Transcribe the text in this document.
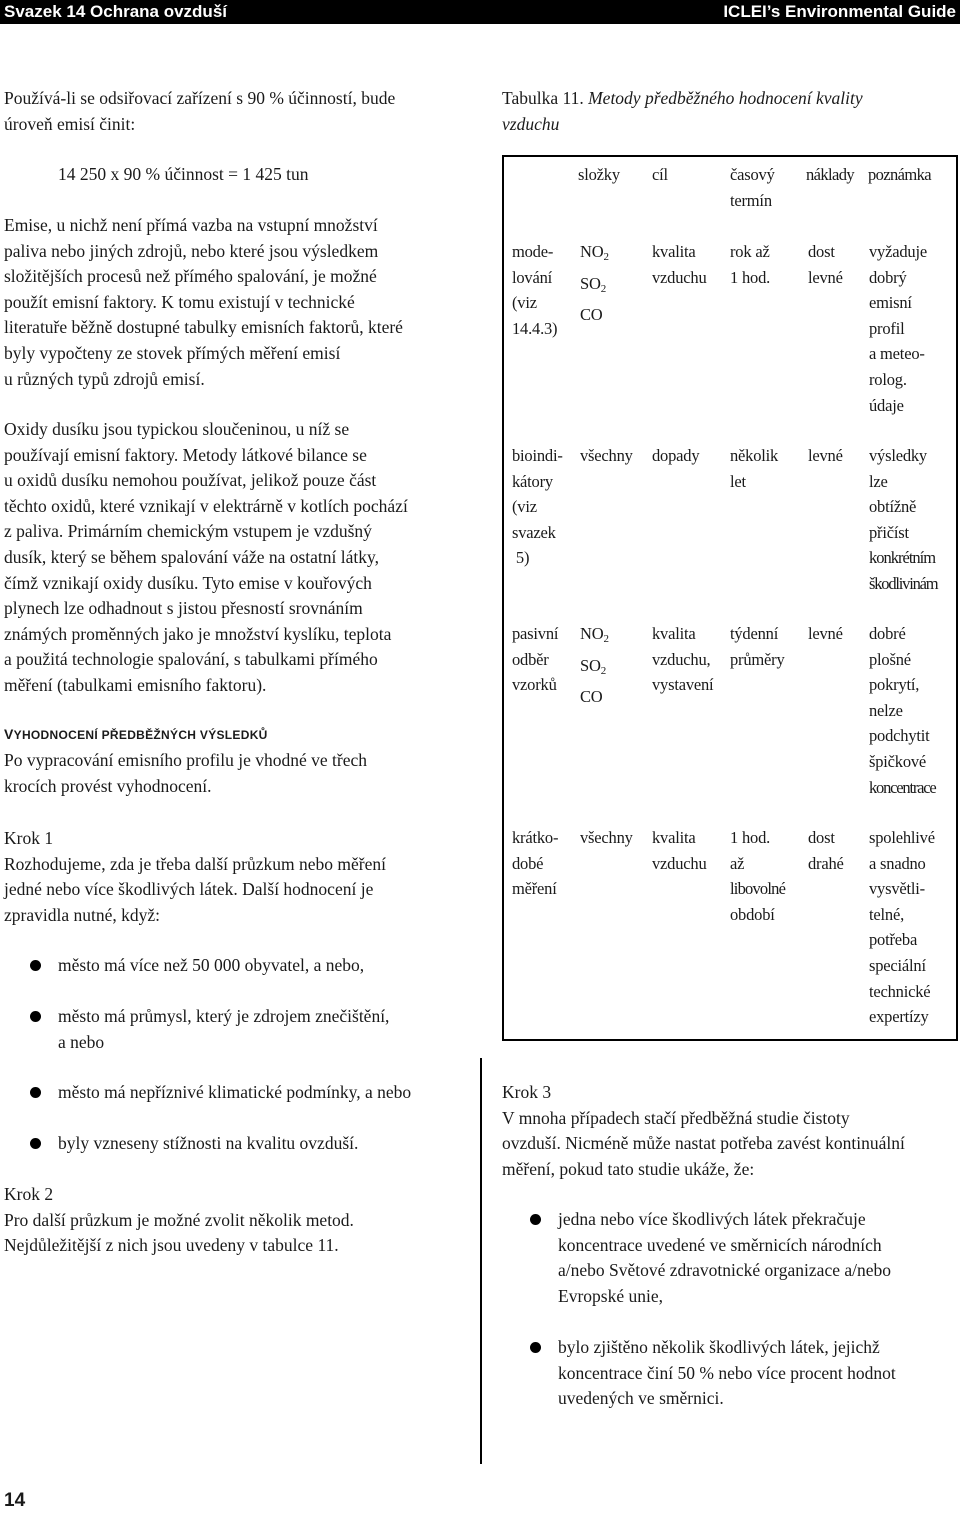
Svazek 14 Ochrana ovzduší	ICLEI’s Environmental Guide
Používá-li se odsiřovací zařízení s 90 % účinností, bude
úroveň emisí činit:
14 250 x 90 % účinnost = 1 425 tun
Emise, u nichž není přímá vazba na vstupní množství
paliva nebo jiných zdrojů, nebo které jsou výsledkem
složitějších procesů než přímého spalování, je možné
použít emisní faktory. K tomu existují v technické
literatuře běžně dostupné tabulky emisních faktorů, které
byly vypočteny ze stovek přímých měření emisí
u různých typů zdrojů emisí.
Oxidy dusíku jsou typickou sloučeninou, u níž se
používají emisní faktory. Metody látkové bilance se
u oxidů dusíku nemohou používat, jelikož pouze část
těchto oxidů, které vznikají v elektrárně v kotlích pochází
z paliva. Primárním chemickým vstupem je vzdušný
dusík, který se během spalování váže na ostatní látky,
čímž vznikají oxidy dusíku. Tyto emise v kouřových
plynech lze odhadnout s jistou přesností srovnáním
známých proměnných jako je množství kyslíku, teplota
a použitá technologie spalování, s tabulkami přímého
měření (tabulkami emisního faktoru).
VYHODNOCENÍ PŘEDBĚŽNÝCH VÝSLEDKŮ
Po vypracování emisního profilu je vhodné ve třech
krocích provést vyhodnocení.
Krok 1
Rozhodujeme, zda je třeba další průzkum nebo měření
jedné nebo více škodlivých látek. Další hodnocení je
zpravidla nutné, když:
město má více než 50 000 obyvatel, a nebo,
město má průmysl, který je zdrojem znečištění,
a nebo
město má nepříznivé klimatické podmínky, a nebo
byly vzneseny stížnosti na kvalitu ovzduší.
Krok 2
Pro další průzkum je možné zvolit několik metod.
Nejdůležitější z nich jsou uvedeny v tabulce 11.
Tabulka 11. Metody předběžného hodnocení kvality
vzduchu
složky cíl	časový
termín
náklady poznámka
mode-
lování
(viz
14.4.3)
$NO_2$
$SO_2$
CO
kvalita
vzduchu
rok až
1 hod.
dost
levné
vyžaduje
dobrý
emisní
profil
a meteo-
rolog.
údaje
bioindi-
kátory
(viz
svazek
5)
všechny dopady několik
let
levné výsledky
lze
obtížně
přičíst
konkrétním
škodlivinám
pasivní
odběr
vzorků
$NO_2$
$SO_2$
CO
kvalita
vzduchu,
vystavení
týdenní
průměry
levné dobré
plošné
pokrytí,
nelze
podchytit
špičkové
koncentrace
krátko-
dobé
měření
všechny kvalita
vzduchu
1 hod.
až
libovolné
období
dost
drahé
spolehlivé
a snadno
vysvětli-
telné,
potřeba
speciální
technické
expertízy
Krok 3
V mnoha případech stačí předběžná studie čistoty
ovzduší. Nicméně může nastat potřeba zavést kontinuální
měření, pokud tato studie ukáže, že:
jedna nebo více škodlivých látek překračuje
koncentrace uvedené ve směrnicích národních
a/nebo Světové zdravotnické organizace a/nebo
Evropské unie,
bylo zjištěno několik škodlivých látek, jejichž
koncentrace činí 50 % nebo více procent hodnot
uvedených ve směrnici.
14
